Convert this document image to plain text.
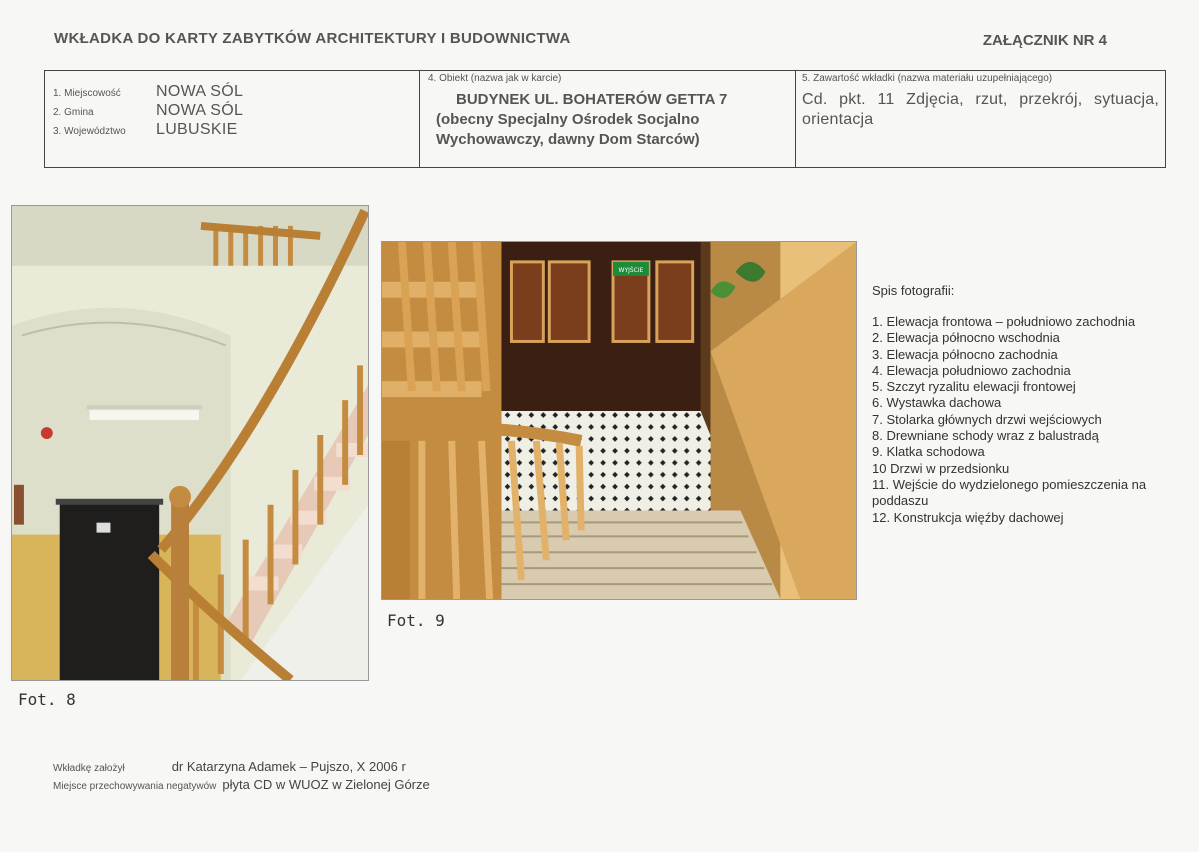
WKŁADKA DO KARTY ZABYTKÓW ARCHITEKTURY I BUDOWNICTWA	ZAŁĄCZNIK NR 4
1. Miejscowość	NOWA SÓL
2. Gmina	NOWA SÓL
3. Województwo	LUBUSKIE
4. Obiekt (nazwa jak w karcie)
BUDYNEK UL. BOHATERÓW GETTA 7
(obecny Specjalny Ośrodek Socjalno
Wychowawczy, dawny Dom Starców)
5. Zawartość wkładki (nazwa materiału uzupełniającego)
Cd. pkt. 11 Zdjęcia, rzut, przekrój, sytuacja, orientacja
WYJŚCIE
Fot. 8
Fot. 9
Spis fotografii:
1. Elewacja frontowa – południowo zachodnia
2. Elewacja północno wschodnia
3. Elewacja północno zachodnia
4. Elewacja południowo zachodnia
5. Szczyt ryzalitu elewacji frontowej
6. Wystawka dachowa
7. Stolarka głównych drzwi wejściowych
8. Drewniane schody wraz z balustradą
9. Klatka schodowa
10 Drzwi w przedsionku
11. Wejście do wydzielonego pomieszczenia na poddaszu
12. Konstrukcja więźby dachowej
Wkładkę założył	dr Katarzyna Adamek – Pujszo, X 2006 r
Miejsce przechowywania negatywów płyta CD w WUOZ w Zielonej Górze
